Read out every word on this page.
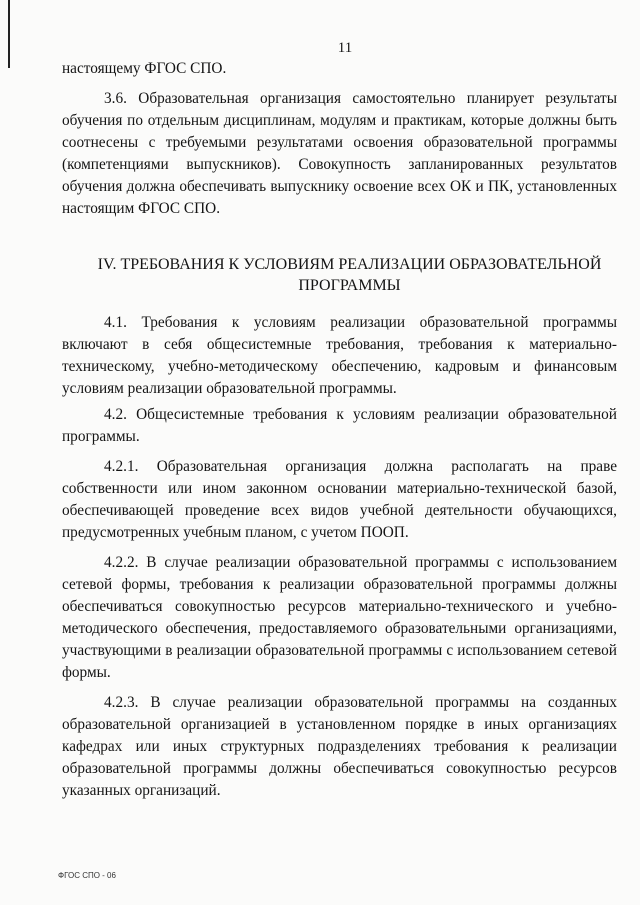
11

настоящему ФГОС СПО.

3.6. Образовательная организация самостоятельно планирует результаты обучения по отдельным дисциплинам, модулям и практикам, которые должны быть соотнесены с требуемыми результатами освоения образовательной программы (компетенциями выпускников). Совокупность запланированных результатов обучения должна обеспечивать выпускнику освоение всех ОК и ПК, установленных настоящим ФГОС СПО.

IV. ТРЕБОВАНИЯ К УСЛОВИЯМ РЕАЛИЗАЦИИ ОБРАЗОВАТЕЛЬНОЙ ПРОГРАММЫ

4.1. Требования к условиям реализации образовательной программы включают в себя общесистемные требования, требования к материально-техническому, учебно-методическому обеспечению, кадровым и финансовым условиям реализации образовательной программы.

4.2. Общесистемные требования к условиям реализации образовательной программы.

4.2.1. Образовательная организация должна располагать на праве собственности или ином законном основании материально-технической базой, обеспечивающей проведение всех видов учебной деятельности обучающихся, предусмотренных учебным планом, с учетом ПООП.

4.2.2. В случае реализации образовательной программы с использованием сетевой формы, требования к реализации образовательной программы должны обеспечиваться совокупностью ресурсов материально-технического и учебно-методического обеспечения, предоставляемого образовательными организациями, участвующими в реализации образовательной программы с использованием сетевой формы.

4.2.3. В случае реализации образовательной программы на созданных образовательной организацией в установленном порядке в иных организациях кафедрах или иных структурных подразделениях требования к реализации образовательной программы должны обеспечиваться совокупностью ресурсов указанных организаций.

ФГОС СПО - 06
